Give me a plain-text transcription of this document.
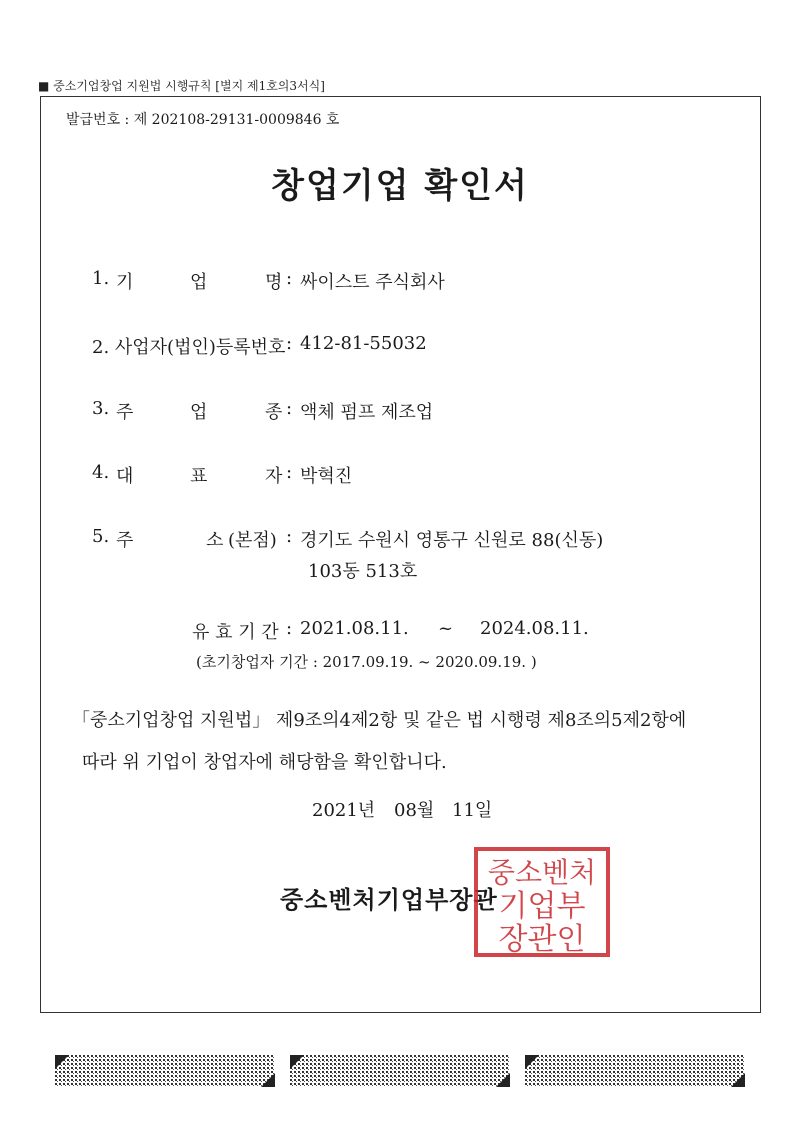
■ 중소기업창업 지원법 시행규칙 [별지 제1호의3서식]
발급번호 : 제 202108-29131-0009846 호
창업기업 확인서
1. 기	업	명 : 싸이스트 주식회사
2. 사업자(법인)등록번호 : 412-81-55032
3. 주	업	종 : 액체 펌프 제조업
4. 대	표	자 : 박혁진
5. 주	소 (본점) : 경기도 수원시 영통구 신원로 88(신동)
103동 513호
유 효 기 간 : 2021.08.11. ~ 2024.08.11.
(초기창업자 기간 : 2017.09.19. ~ 2020.09.19. )
「중소기업창업 지원법」 제9조의4제2항 및 같은 법 시행령 제8조의5제2항에
따라 위 기업이 창업자에 해당함을 확인합니다.
2021년 08월 11일
중소벤처기업부장관
중소벤처
기업부
장관인
